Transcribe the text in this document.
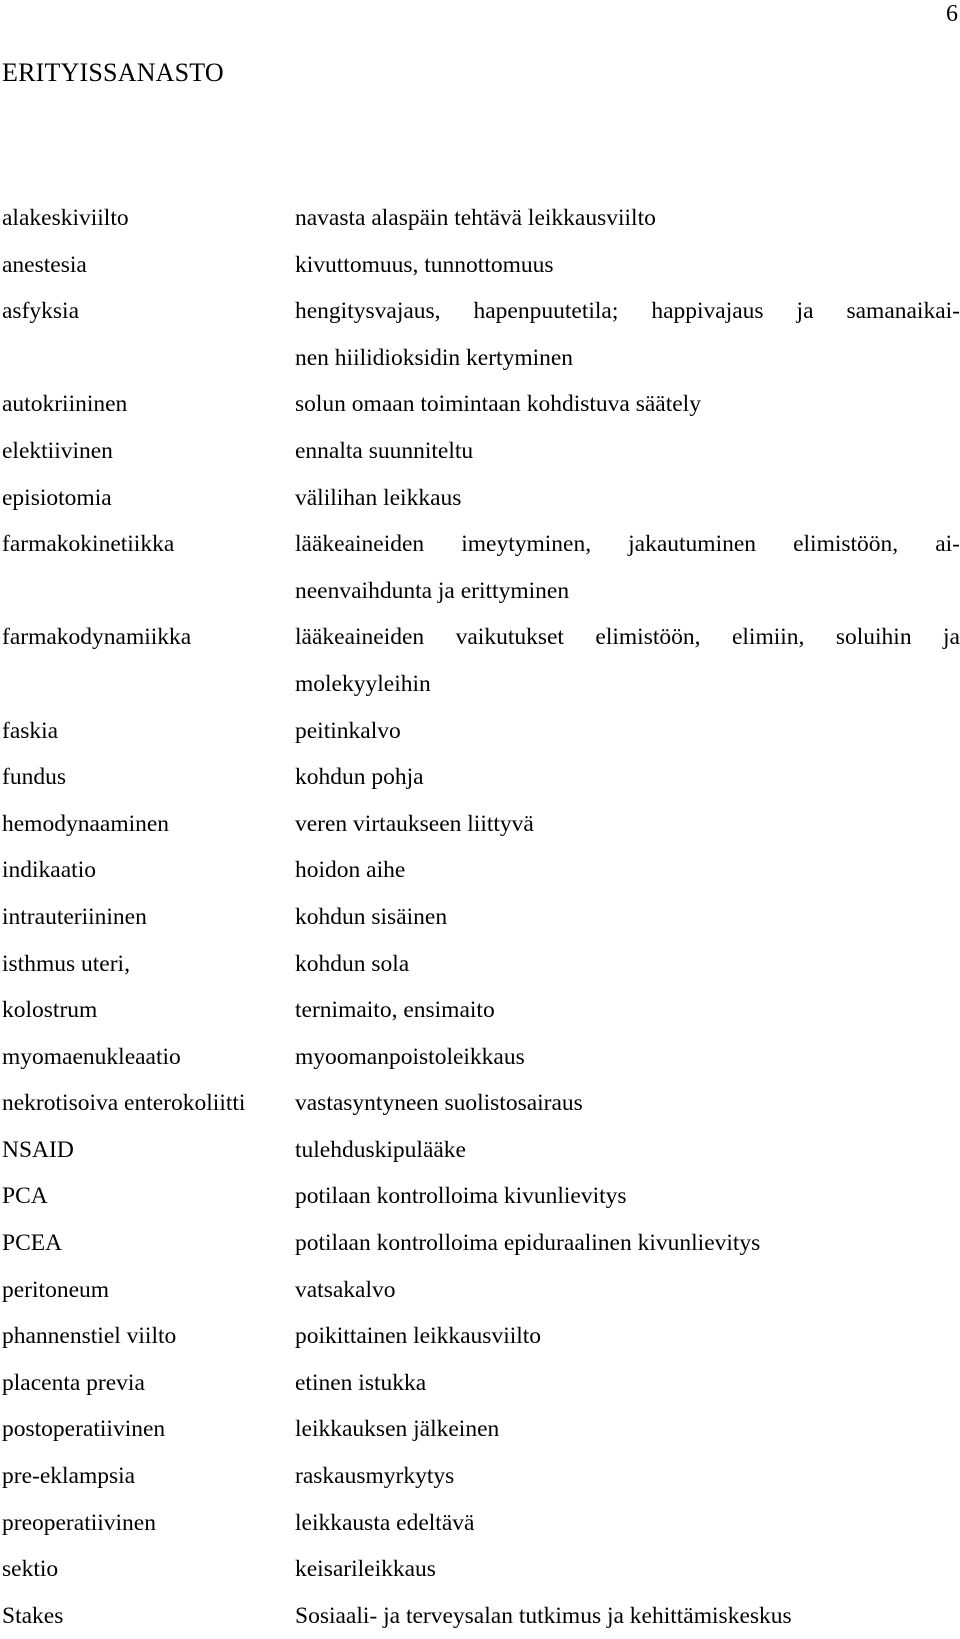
6
ERITYISSANASTO
alakeskiviilto	navasta alaspäin tehtävä leikkausviilto
anestesia	kivuttomuus, tunnottomuus
asfyksia	hengitysvajaus, hapenpuutetila; happivajaus ja samanaikai-
nen hiilidioksidin kertyminen
autokriininen	solun omaan toimintaan kohdistuva säätely
elektiivinen	ennalta suunniteltu
episiotomia	välilihan leikkaus
farmakokinetiikka	lääkeaineiden imeytyminen, jakautuminen elimistöön, ai-
neenvaihdunta ja erittyminen
farmakodynamiikka	lääkeaineiden vaikutukset elimistöön, elimiin, soluihin ja
molekyyleihin
faskia	peitinkalvo
fundus	kohdun pohja
hemodynaaminen	veren virtaukseen liittyvä
indikaatio	hoidon aihe
intrauteriininen	kohdun sisäinen
isthmus uteri,	kohdun sola
kolostrum	ternimaito, ensimaito
myomaenukleaatio	myoomanpoistoleikkaus
nekrotisoiva enterokoliitti	vastasyntyneen suolistosairaus
NSAID	tulehduskipulääke
PCA	potilaan kontrolloima kivunlievitys
PCEA	potilaan kontrolloima epiduraalinen kivunlievitys
peritoneum	vatsakalvo
phannenstiel viilto	poikittainen leikkausviilto
placenta previa	etinen istukka
postoperatiivinen	leikkauksen jälkeinen
pre-eklampsia	raskausmyrkytys
preoperatiivinen	leikkausta edeltävä
sektio	keisarileikkaus
Stakes	Sosiaali- ja terveysalan tutkimus ja kehittämiskeskus
